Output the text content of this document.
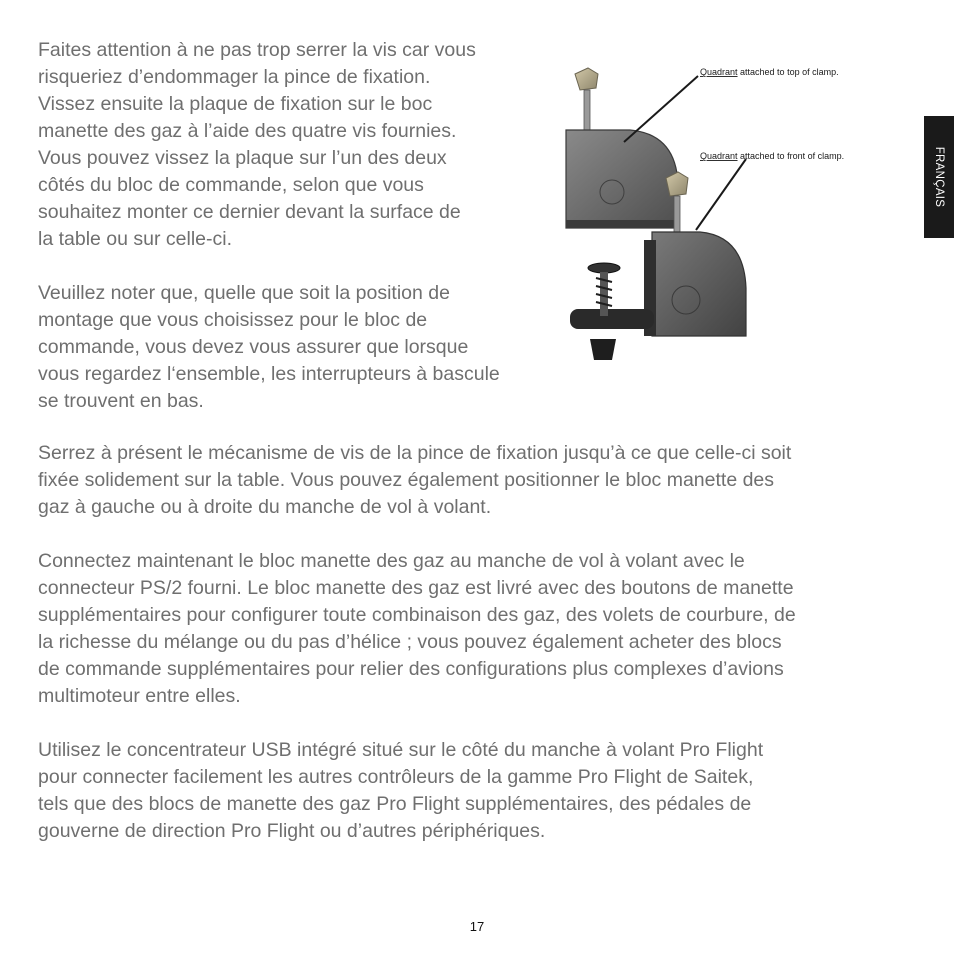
Faites attention à ne pas trop serrer la vis car vous
risqueriez d’endommager la pince de fixation.
Vissez ensuite la plaque de fixation sur le boc
manette des gaz à l’aide des quatre vis fournies.
Vous pouvez vissez la plaque sur l’un des deux
côtés du bloc de commande, selon que vous
souhaitez monter ce dernier devant la surface de
la table ou sur celle-ci.

Veuillez noter que, quelle que soit la position de
montage que vous choisissez pour le bloc de
commande, vous devez vous assurer que lorsque
vous regardez l‘ensemble, les interrupteurs à bascule
se trouvent en bas.

Serrez à présent le mécanisme de vis de la pince de fixation jusqu’à ce que celle-ci soit
fixée solidement sur la table. Vous pouvez également positionner le bloc manette des
gaz à gauche ou à droite du manche de vol à volant.

Connectez maintenant le bloc manette des gaz au manche de vol à volant avec le
connecteur PS/2 fourni. Le bloc manette des gaz est livré avec des boutons de manette
supplémentaires pour configurer toute combinaison des gaz, des volets de courbure, de
la richesse du mélange ou du pas d’hélice ; vous pouvez également acheter des blocs
de commande supplémentaires pour relier des configurations plus complexes d’avions
multimoteur entre elles.

Utilisez le concentrateur USB intégré situé sur le côté du manche à volant Pro Flight
pour connecter facilement les autres contrôleurs de la gamme Pro Flight de Saitek,
tels que des blocs de manette des gaz Pro Flight supplémentaires, des pédales de
gouverne de direction Pro Flight ou d’autres périphériques.

Quadrant attached to top of clamp.
Quadrant attached to front of clamp.	FRANÇAIS
17
